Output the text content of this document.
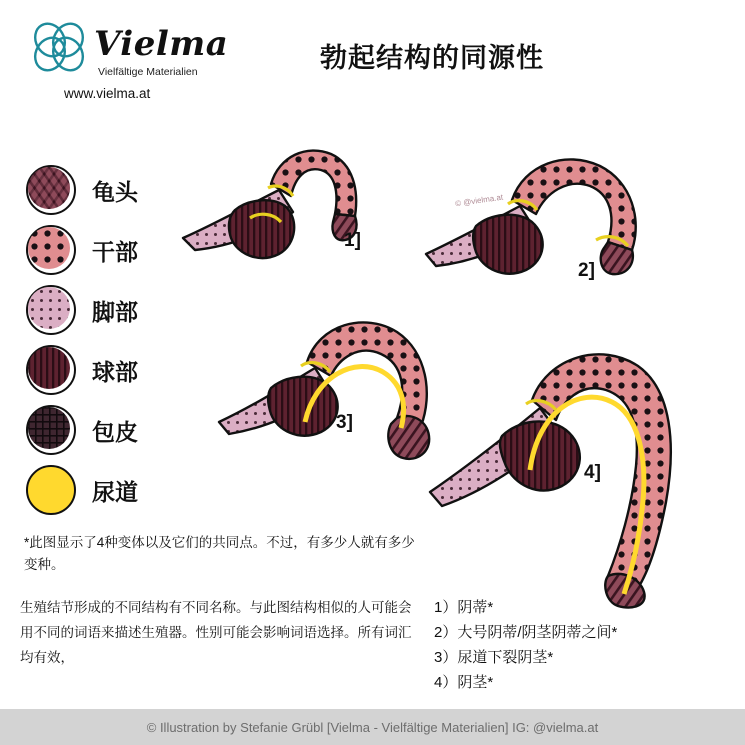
Vielma
Vielfältige Materialien
www.vielma.at
勃起结构的同源性
龟头
干部
脚部
球部
包皮
尿道
1]
© @vielma.at
2]
3]
4]
*此图显示了4种变体以及它们的共同点。不过，有多少人就有多少变种。
生殖结节形成的不同结构有不同名称。与此图结构相似的人可能会用不同的词语来描述生殖器。性别可能会影响词语选择。所有词汇均有效，
1）阴蒂*
2）大号阴蒂/阴茎阴蒂之间*
3）尿道下裂阴茎*
4）阴茎*
© Illustration by Stefanie Grübl [Vielma - Vielfältige Materialien] IG: @vielma.at
